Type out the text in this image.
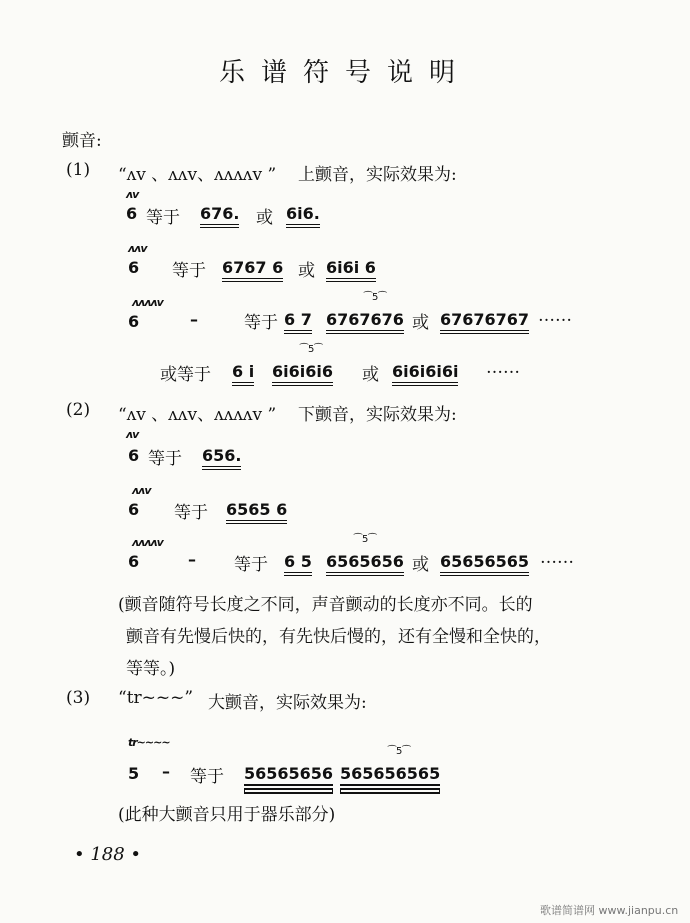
乐谱符号说明
颤音:
(1) “ʌv 、ʌʌv、ʌʌʌʌv ” 上颤音，实际效果为:
ʌv
6 等于 676. 或 6i6.
ʌʌv
6 等于 6767 6 或 6i6i 6
ʌʌʌʌv
6	–	等于 6 7
⁀5⁀
6767676 或 67676767 ……
或等于 6 i
⁀5⁀
6i6i6i6 或 6i6i6i6i ……
(2) “ʌv 、ʌʌv、ʌʌʌʌv ” 下颤音，实际效果为:
ʌv
6 等于 656.
ʌʌv
6 等于 6565 6
ʌʌʌʌv
6	– 等于 6 5
⁀5⁀
6565656 或 65656565 ……
(颤音随符号长度之不同，声音颤动的长度亦不同。长的
颤音有先慢后快的，有先快后慢的，还有全慢和全快的，
等等。)
(3) “tr~~~” 大颤音，实际效果为:
tr~~~~
5 – 等于 56565656
⁀5⁀
565656565
(此种大颤音只用于器乐部分)
• 188 •
歌谱简谱网 www.jianpu.cn
